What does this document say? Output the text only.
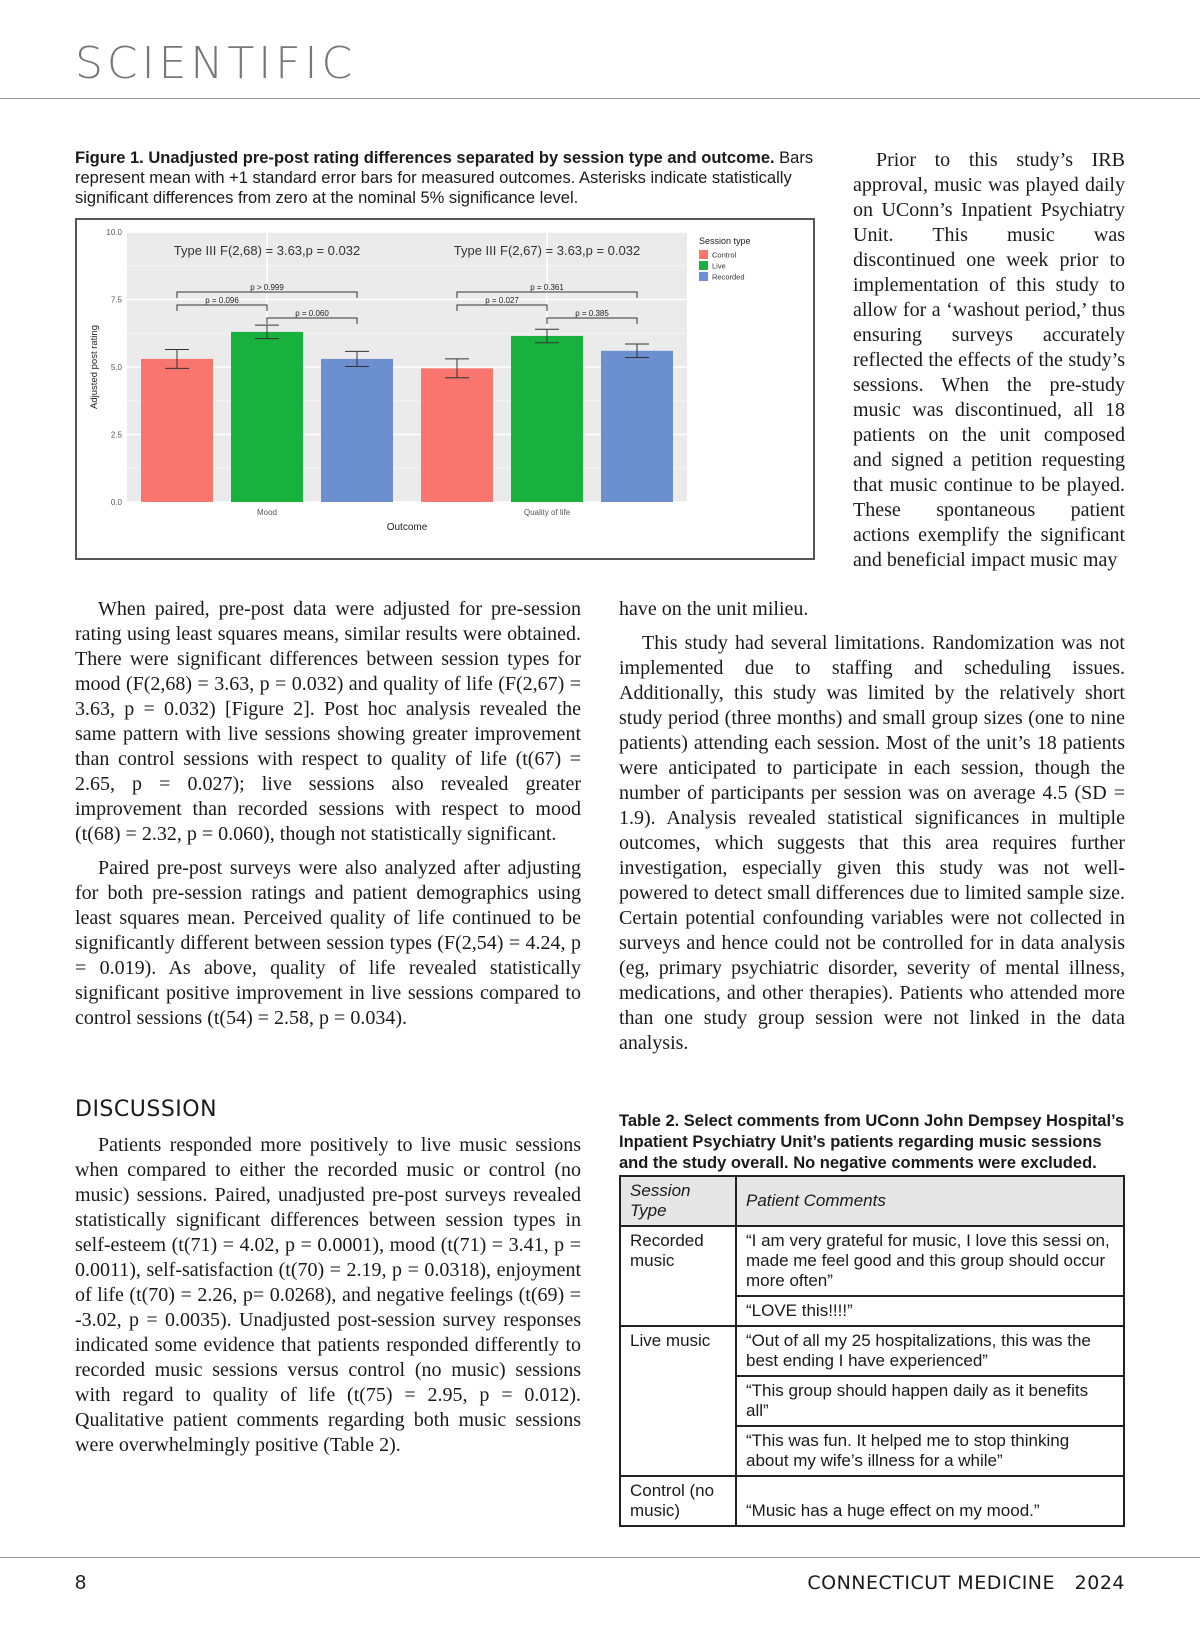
SCIENTIFIC

Figure 1. Unadjusted pre-post rating differences separated by session type and outcome. Bars represent mean with +1 standard error bars for measured outcomes. Asterisks indicate statistically significant differences from zero at the nominal 5% significance level.

0.0
2.5
5.0
7.5
10.0
Mood	Quality of life
Outcome
Adjusted post rating
Type III F(2,68) = 3.63,p = 0.032	Type III F(2,67) = 3.63,p = 0.032
p > 0.999
p = 0.096
p = 0.060
p = 0.361
p = 0.027
p = 0.385
Session type
Control
Live
Recorded

Prior to this study’s IRB approval, music was played daily on UConn’s Inpatient Psychiatry Unit. This music was discontinued one week prior to implementation of this study to allow for a ‘washout period,’ thus ensuring surveys accurately reflected the effects of the study’s sessions. When the pre-study music was discontinued, all 18 patients on the unit composed and signed a petition requesting that music continue to be played. These spontaneous patient actions exemplify the significant and beneficial impact music may

have on the unit milieu.

This study had several limitations. Randomization was not implemented due to staffing and scheduling issues. Additionally, this study was limited by the relatively short study period (three months) and small group sizes (one to nine patients) attending each session. Most of the unit’s 18 patients were anticipated to participate in each session, though the number of participants per session was on average 4.5 (SD = 1.9). Analysis revealed statistical significances in multiple outcomes, which suggests that this area requires further investigation, especially given this study was not well-powered to detect small differences due to limited sample size. Certain potential confounding variables were not collected in surveys and hence could not be controlled for in data analysis (eg, primary psychiatric disorder, severity of mental illness, medications, and other therapies). Patients who attended more than one study group session were not linked in the data analysis.

When paired, pre-post data were adjusted for pre-session rating using least squares means, similar results were obtained. There were significant differences between session types for mood (F(2,68) = 3.63, p = 0.032) and quality of life (F(2,67) = 3.63, p = 0.032) [Figure 2]. Post hoc analysis revealed the same pattern with live sessions showing greater improvement than control sessions with respect to quality of life (t(67) = 2.65, p = 0.027); live sessions also revealed greater improvement than recorded sessions with respect to mood (t(68) = 2.32, p = 0.060), though not statistically significant.

Paired pre-post surveys were also analyzed after adjusting for both pre-session ratings and patient demographics using least squares mean. Perceived quality of life continued to be significantly different between session types (F(2,54) = 4.24, p = 0.019). As above, quality of life revealed statistically significant positive improvement in live sessions compared to control sessions (t(54) = 2.58, p = 0.034).

DISCUSSION

Patients responded more positively to live music sessions when compared to either the recorded music or control (no music) sessions. Paired, unadjusted pre-post surveys revealed statistically significant differences between session types in self-esteem (t(71) = 4.02, p = 0.0001), mood (t(71) = 3.41, p = 0.0011), self-satisfaction (t(70) = 2.19, p = 0.0318), enjoyment of life (t(70) = 2.26, p= 0.0268), and negative feelings (t(69) = -3.02, p = 0.0035). Unadjusted post-session survey responses indicated some evidence that patients responded differently to recorded music sessions versus control (no music) sessions with regard to quality of life (t(75) = 2.95, p = 0.012). Qualitative patient comments regarding both music sessions were overwhelmingly positive (Table 2).

Table 2. Select comments from UConn John Dempsey Hospital’s Inpatient Psychiatry Unit’s patients regarding music sessions and the study overall. No negative comments were excluded.

Session Type	Patient Comments
Recorded music	“I am very grateful for music, I love this sessi on, made me feel good and this group should occur more often”
	“LOVE this!!!!”
Live music	“Out of all my 25 hospitalizations, this was the best ending I have experienced”
	“This group should happen daily as it benefits all”
	“This was fun. It helped me to stop thinking about my wife’s illness for a while”
Control (no music)	“Music has a huge effect on my mood.”
8	CONNECTICUT MEDICINE   2024
